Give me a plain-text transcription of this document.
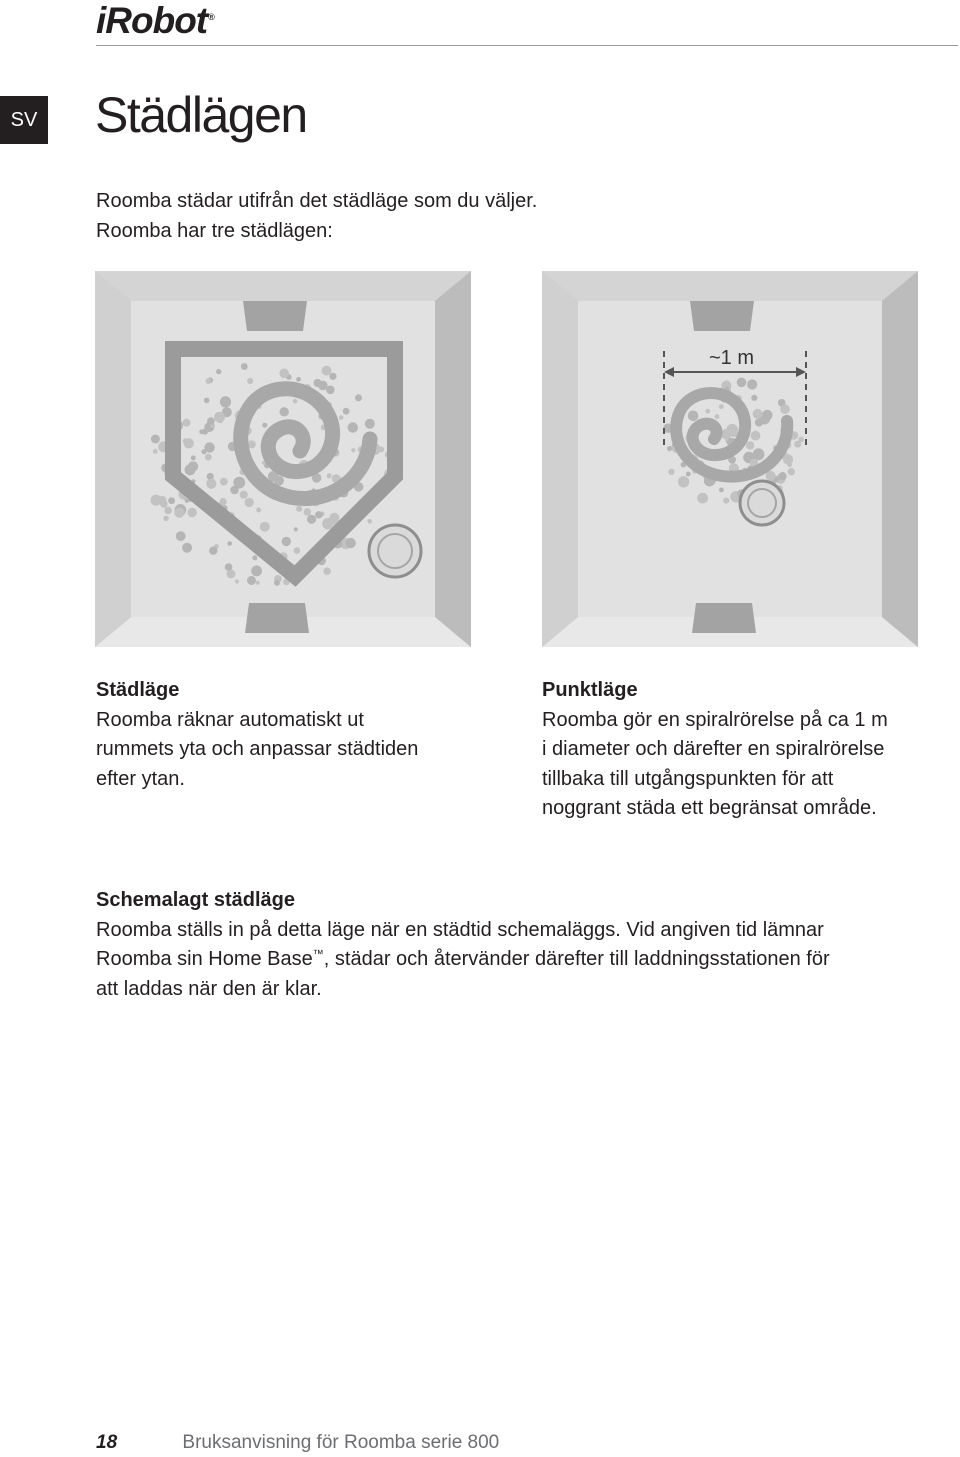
iRobot®
SV Städlägen

Roomba städar utifrån det städläge som du väljer.

Roomba har tre städlägen:

~1 m
Städläge

Roomba räknar automatiskt ut

rummets yta och anpassar städtiden

efter ytan.

Punktläge

Roomba gör en spiralrörelse på ca 1 m

i diameter och därefter en spiralrörelse

tillbaka till utgångspunkten för att

noggrant städa ett begränsat område.

Schemalagt städläge

Roomba ställs in på detta läge när en städtid schemaläggs. Vid angiven tid lämnar

Roomba sin Home Base™, städar och återvänder därefter till laddningsstationen för

att laddas när den är klar.

18	Bruksanvisning för Roomba serie 800
